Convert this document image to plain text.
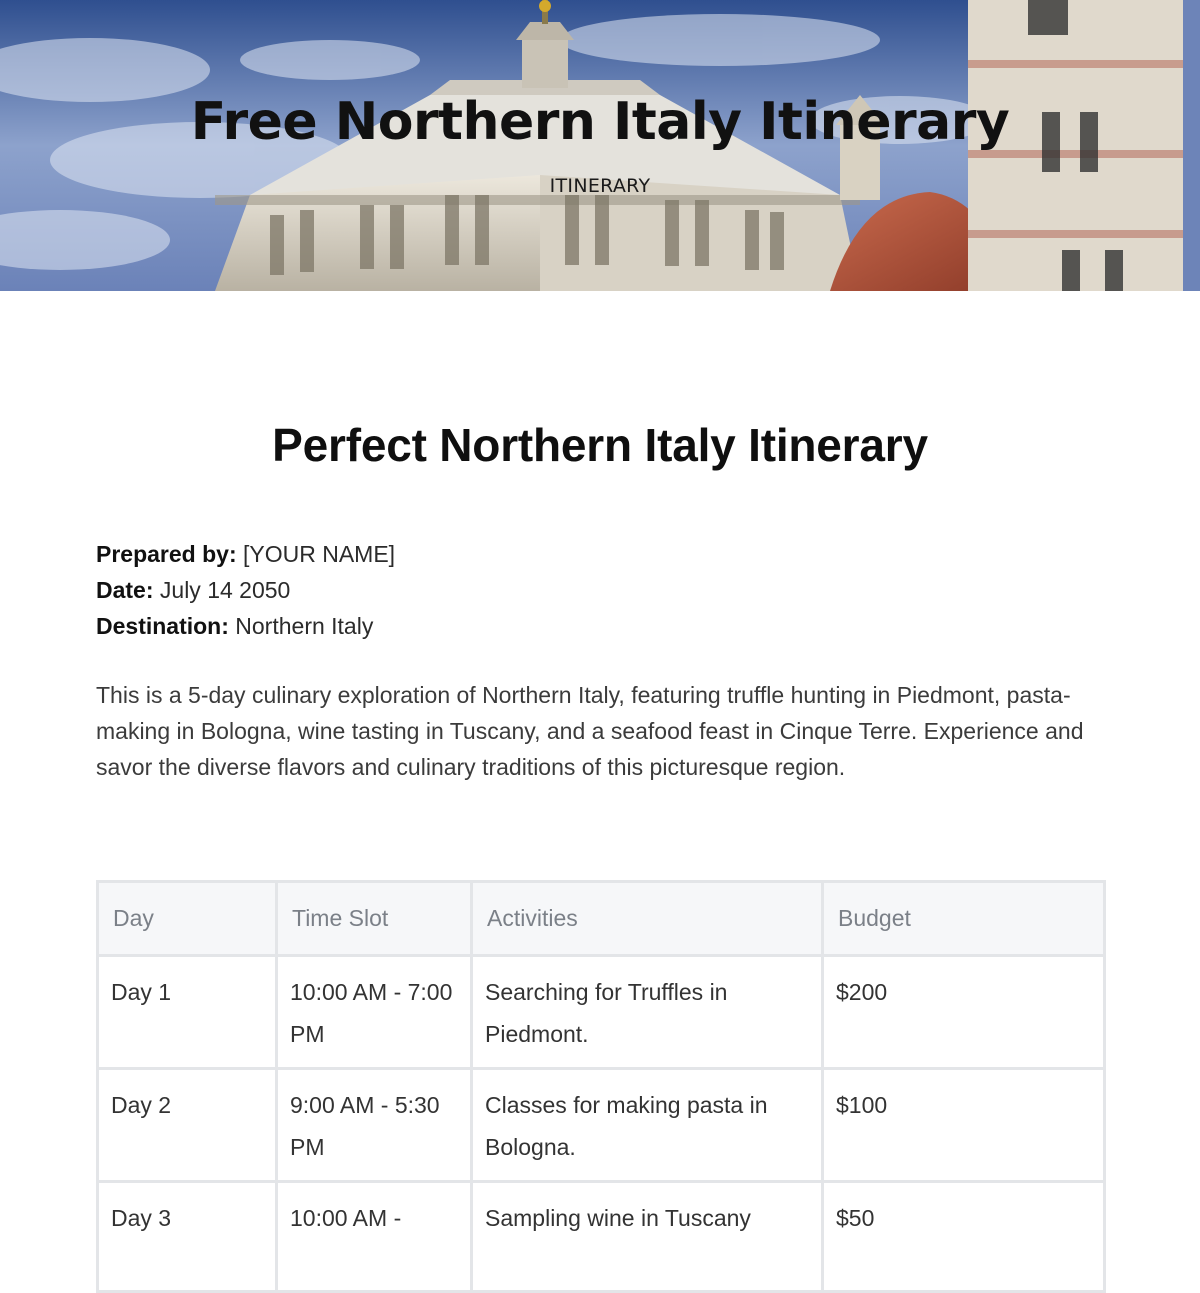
Free Northern Italy Itinerary
ITINERARY
Perfect Northern Italy Itinerary
Prepared by: [YOUR NAME]
Date: July 14 2050
Destination: Northern Italy

This is a 5-day culinary exploration of Northern Italy, featuring truffle hunting in Piedmont, pasta-making in Bologna, wine tasting in Tuscany, and a seafood feast in Cinque Terre. Experience and savor the diverse flavors and culinary traditions of this picturesque region.

Day	Time Slot	Activities	Budget
Day 1	10:00 AM - 7:00 PM	Searching for Truffles in Piedmont.	$200
Day 2	9:00 AM - 5:30 PM	Classes for making pasta in Bologna.	$100
Day 3	10:00 AM -	Sampling wine in Tuscany	$50
